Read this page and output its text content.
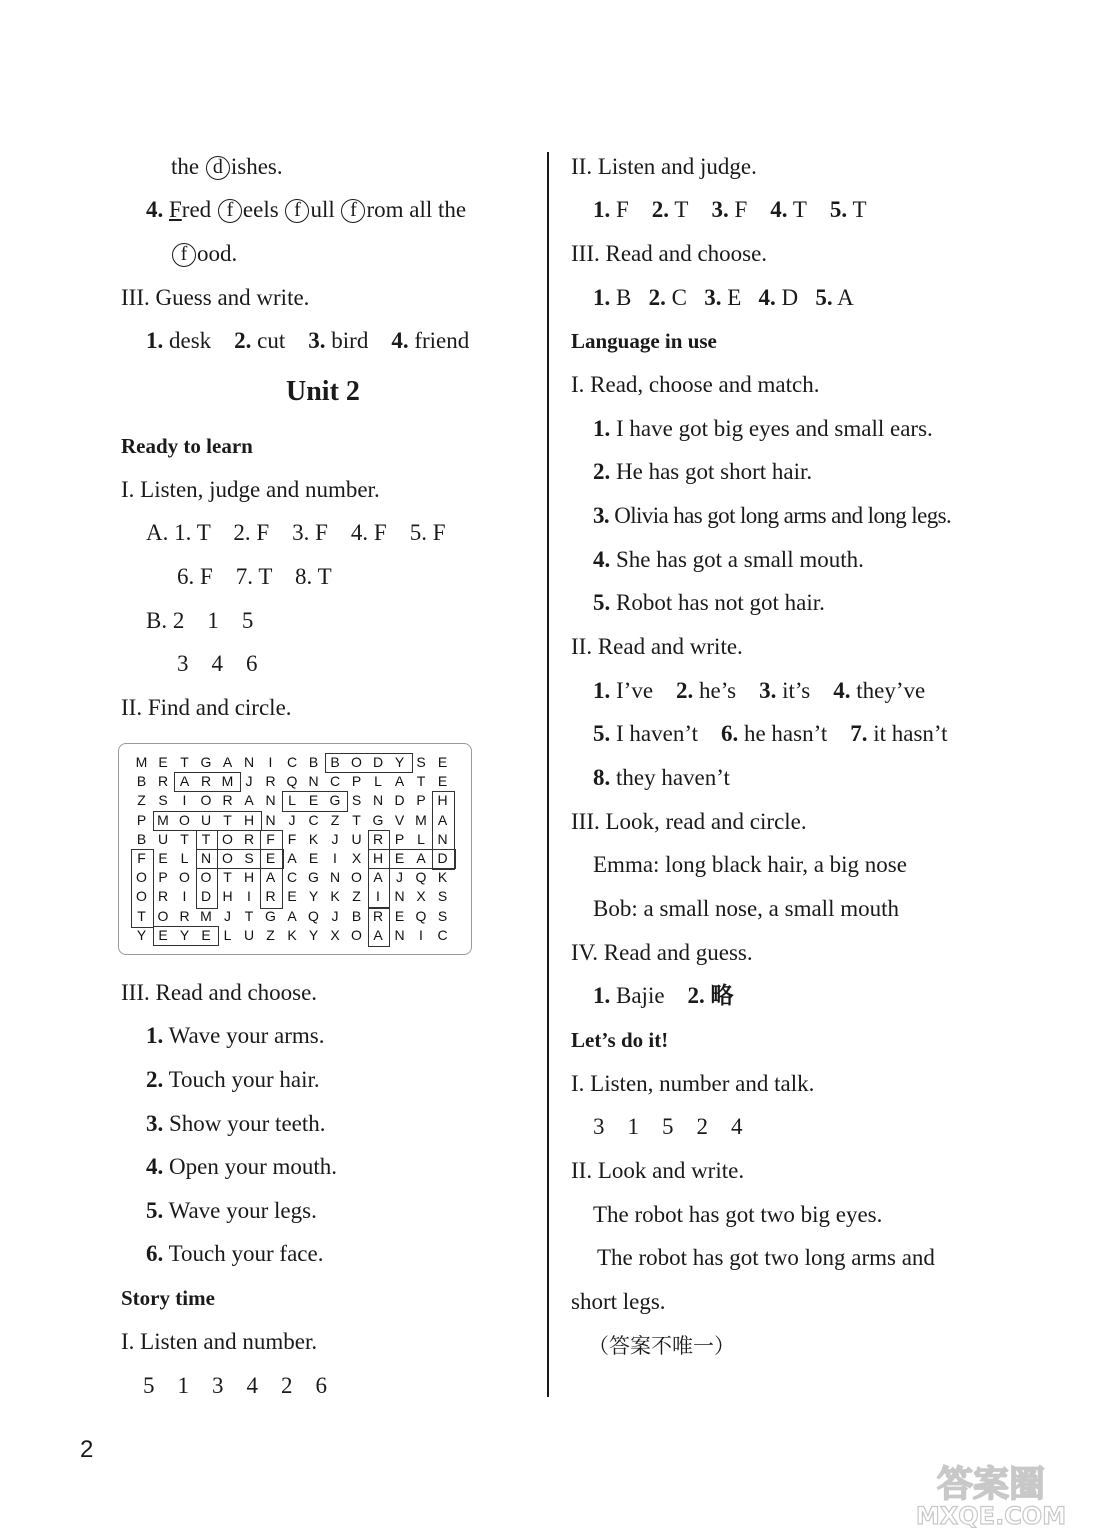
the d ishes.
4. Fred f eels f ull f rom all the
f ood.
III. Guess and write.
1. desk 2. cut 3. bird 4. friend
Unit 2
Ready to learn
I. Listen, judge and number.
A. 1. T    2. F    3. F    4. F    5. F
6. F    7. T    8. T
B. 2    1    5
3    4    6
II. Find and circle.
III. Read and choose.
1. Wave your arms.
2. Touch your hair.
3. Show your teeth.
4. Open your mouth.
5. Wave your legs.
6. Touch your face.
Story time
I. Listen and number.
5    1    3    4    2    6
M E T G A N	I	C B B O D Y S E
B R A R M J R Q N C P L A T E
Z S	I	O R A N L E G S N D P H
P M O U T H N J C Z T G V M A
B U T T O R F F K J U R P L N
F E L N O S E A E	I	X H E A D
O P O O T H A C G N O A J Q K
O R	I	D H	I	R E Y K Z	I	N X S
T O R M J T G A Q J B R E Q S
Y E Y E L U Z K Y X O A N	I	C
II. Listen and judge.
1. F 2. T 3. F 4. T 5. T
III. Read and choose.
1. B 2. C 3. E 4. D 5. A
Language in use
I. Read, choose and match.
1. I have got big eyes and small ears.
2. He has got short hair.
3. Olivia has got long arms and long legs.
4. She has got a small mouth.
5. Robot has not got hair.
II. Read and write.
1. I’ve 2. he’s 3. it’s 4. they’ve
5. I haven’t 6. he hasn’t 7. it hasn’t
8. they haven’t
III. Look, read and circle.
Emma: long black hair, a big nose
Bob: a small nose, a small mouth
IV. Read and guess.
1. Bajie 2. 略
Let’s do it!
I. Listen, number and talk.
3    1    5    2    4
II. Look and write.
The robot has got two big eyes.
The robot has got two long arms and
short legs.
（答案不唯一）
2
答案圈
MXQE.COM
